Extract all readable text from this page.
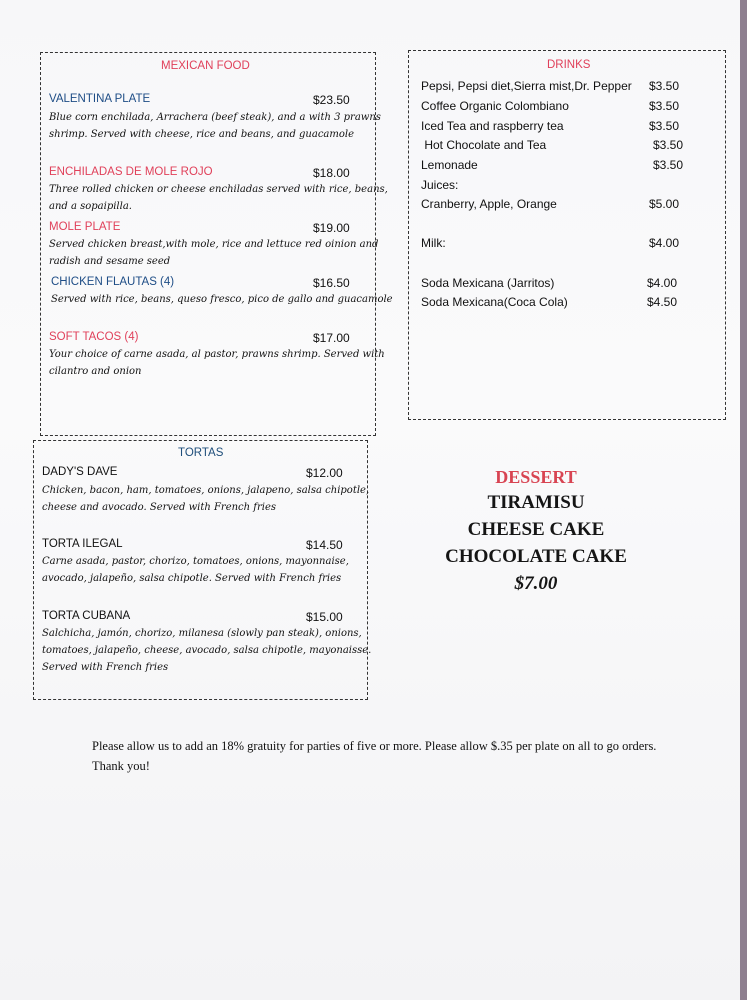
MEXICAN FOOD
VALENTINA PLATE	$23.50
Blue corn enchilada, Arrachera (beef steak), and a with 3 prawns
shrimp. Served with cheese, rice and beans, and guacamole
ENCHILADAS DE MOLE ROJO	$18.00
Three rolled chicken or cheese enchiladas served with rice, beans,
and a sopaipilla.
MOLE PLATE	$19.00
Served chicken breast,with mole, rice and lettuce red oinion and
radish and sesame seed
CHICKEN FLAUTAS (4)	$16.50
Served with rice, beans, queso fresco, pico de gallo and guacamole
SOFT TACOS (4)	$17.00
Your choice of carne asada, al pastor, prawns shrimp. Served with
cilantro and onion
DRINKS
Pepsi, Pepsi diet,Sierra mist,Dr. Pepper $3.50
Coffee Organic Colombiano	$3.50
Iced Tea and raspberry tea	$3.50
Hot Chocolate and Tea	$3.50
Lemonade	$3.50
Juices:
Cranberry, Apple, Orange	$5.00
Milk:	$4.00
Soda Mexicana (Jarritos)	$4.00
Soda Mexicana(Coca Cola)	$4.50
TORTAS
DADY'S DAVE	$12.00
Chicken, bacon, ham, tomatoes, onions, jalapeno, salsa chipotle,
cheese and avocado. Served with French fries
TORTA ILEGAL	$14.50
Carne asada, pastor, chorizo, tomatoes, onions, mayonnaise,
avocado, jalapeño, salsa chipotle. Served with French fries
TORTA CUBANA	$15.00
Salchicha, jamón, chorizo, milanesa (slowly pan steak), onions,
tomatoes, jalapeño, cheese, avocado, salsa chipotle, mayonaisse.
Served with French fries
DESSERT
TIRAMISU
CHEESE CAKE
CHOCOLATE CAKE
$7.00
Please allow us to add an 18% gratuity for parties of five or more. Please allow $.35 per plate on all to go orders. Thank you!
